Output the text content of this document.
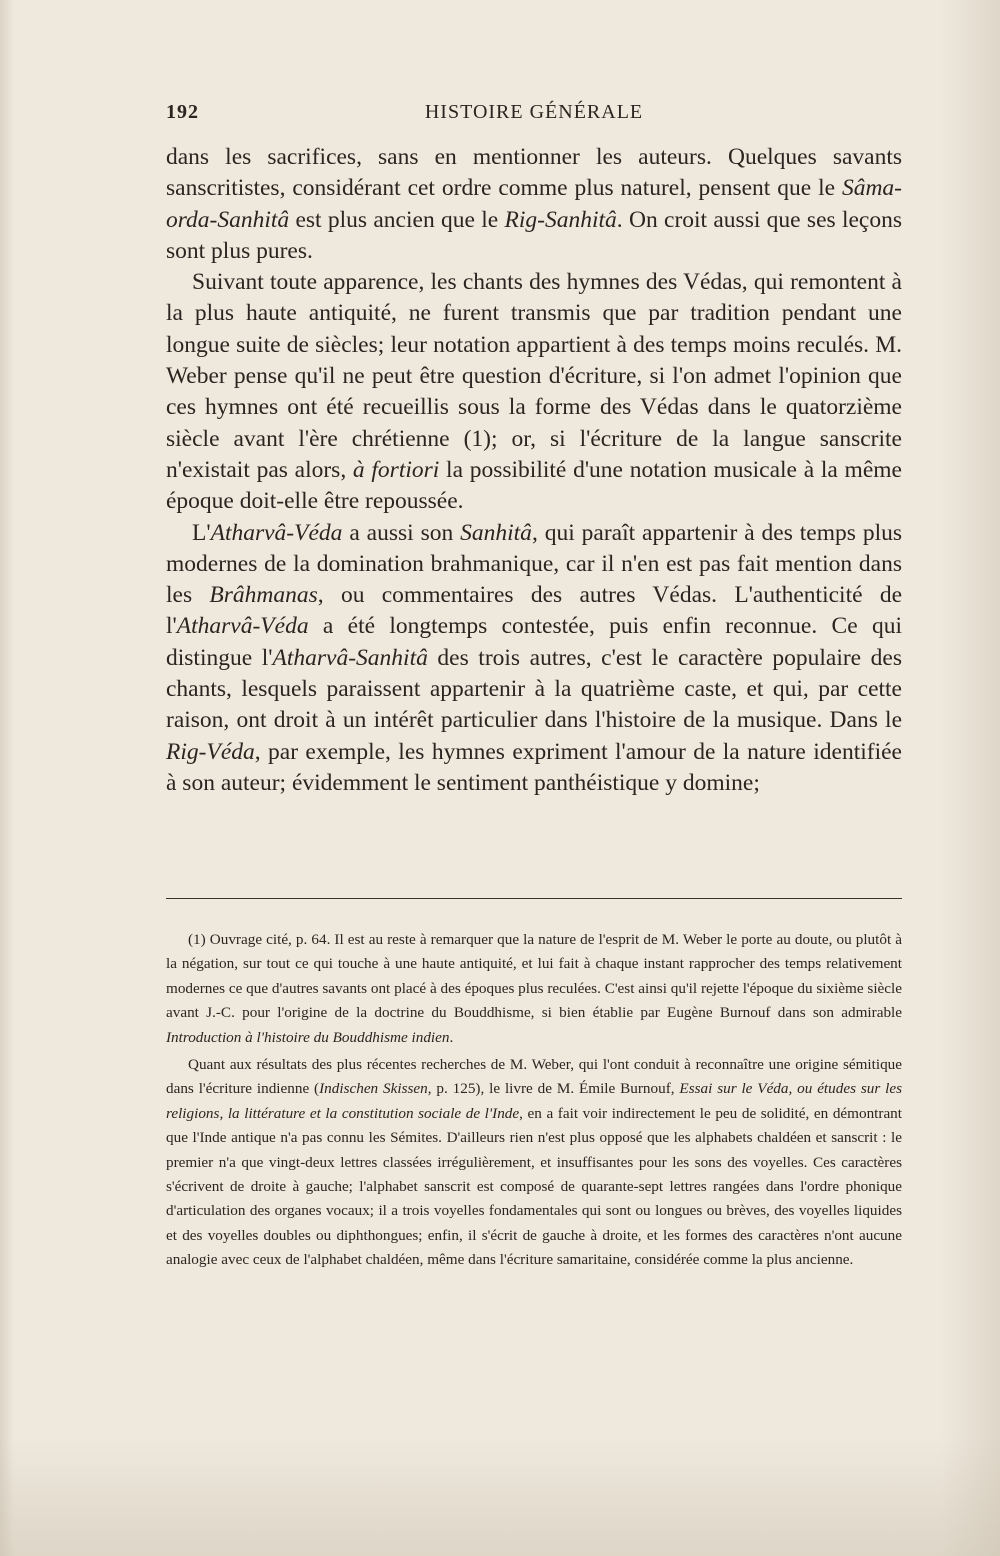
192	HISTOIRE GÉNÉRALE

dans les sacrifices, sans en mentionner les auteurs. Quelques savants sanscritistes, considérant cet ordre comme plus naturel, pensent que le Sâma-orda-Sanhitâ est plus ancien que le Rig-Sanhitâ. On croit aussi que ses leçons sont plus pures.

Suivant toute apparence, les chants des hymnes des Védas, qui remontent à la plus haute antiquité, ne furent transmis que par tradition pendant une longue suite de siècles; leur notation appartient à des temps moins reculés. M. Weber pense qu'il ne peut être question d'écriture, si l'on admet l'opinion que ces hymnes ont été recueillis sous la forme des Védas dans le quatorzième siècle avant l'ère chrétienne (1); or, si l'écriture de la langue sanscrite n'existait pas alors, à fortiori la possibilité d'une notation musicale à la même époque doit-elle être repoussée.

L'Atharvâ-Véda a aussi son Sanhitâ, qui paraît appartenir à des temps plus modernes de la domination brahmanique, car il n'en est pas fait mention dans les Brâhmanas, ou commentaires des autres Védas. L'authenticité de l'Atharvâ-Véda a été longtemps contestée, puis enfin reconnue. Ce qui distingue l'Atharvâ-Sanhitâ des trois autres, c'est le caractère populaire des chants, lesquels paraissent appartenir à la quatrième caste, et qui, par cette raison, ont droit à un intérêt particulier dans l'histoire de la musique. Dans le Rig-Véda, par exemple, les hymnes expriment l'amour de la nature identifiée à son auteur; évidemment le sentiment panthéistique y domine;

(1) Ouvrage cité, p. 64. Il est au reste à remarquer que la nature de l'esprit de M. Weber le porte au doute, ou plutôt à la négation, sur tout ce qui touche à une haute antiquité, et lui fait à chaque instant rapprocher des temps relativement modernes ce que d'autres savants ont placé à des époques plus reculées. C'est ainsi qu'il rejette l'époque du sixième siècle avant J.-C. pour l'origine de la doctrine du Bouddhisme, si bien établie par Eugène Burnouf dans son admirable Introduction à l'histoire du Bouddhisme indien.

Quant aux résultats des plus récentes recherches de M. Weber, qui l'ont conduit à reconnaître une origine sémitique dans l'écriture indienne (Indischen Skissen, p. 125), le livre de M. Émile Burnouf, Essai sur le Véda, ou études sur les religions, la littérature et la constitution sociale de l'Inde, en a fait voir indirectement le peu de solidité, en démontrant que l'Inde antique n'a pas connu les Sémites. D'ailleurs rien n'est plus opposé que les alphabets chaldéen et sanscrit : le premier n'a que vingt-deux lettres classées irrégulièrement, et insuffisantes pour les sons des voyelles. Ces caractères s'écrivent de droite à gauche; l'alphabet sanscrit est composé de quarante-sept lettres rangées dans l'ordre phonique d'articulation des organes vocaux; il a trois voyelles fondamentales qui sont ou longues ou brèves, des voyelles liquides et des voyelles doubles ou diphthongues; enfin, il s'écrit de gauche à droite, et les formes des caractères n'ont aucune analogie avec ceux de l'alphabet chaldéen, même dans l'écriture samaritaine, considérée comme la plus ancienne.
